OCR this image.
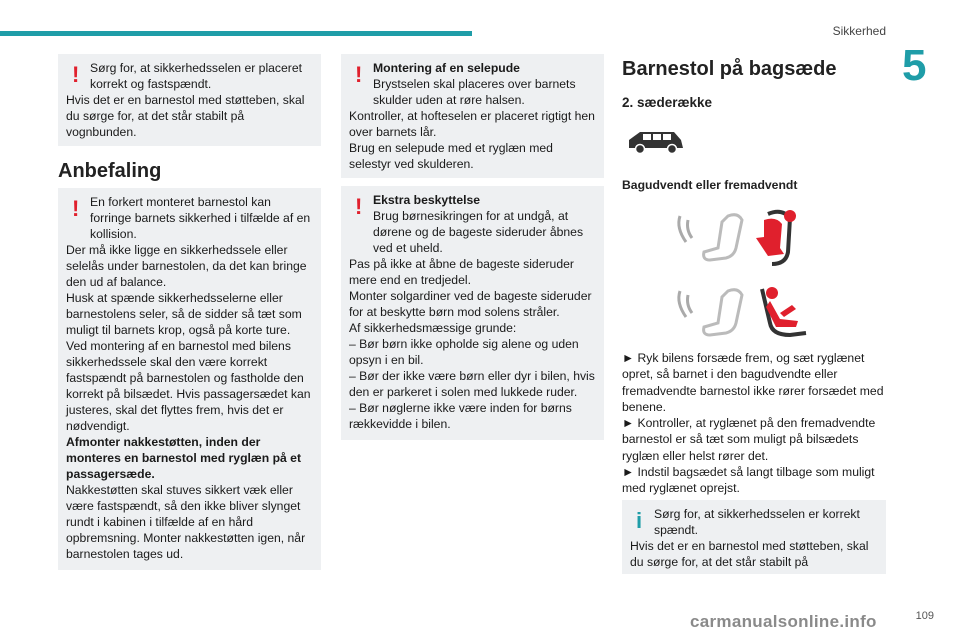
Sikkerhed
5
! Sørg for, at sikkerhedsselen er placeret korrekt og fastspændt.

Hvis det er en barnestol med støtteben, skal du sørge for, at det står stabilt på vognbunden.

Anbefaling
! En forkert monteret barnestol kan forringe barnets sikkerhed i tilfælde af en kollision.

Der må ikke ligge en sikkerhedssele eller selelås under barnestolen, da det kan bringe den ud af balance.

Husk at spænde sikkerhedsselerne eller barnestolens seler, så de sidder så tæt som muligt til barnets krop, også på korte ture.

Ved montering af en barnestol med bilens sikkerhedssele skal den være korrekt fastspændt på barnestolen og fastholde den korrekt på bilsædet. Hvis passagersædet kan justeres, skal det flyttes frem, hvis det er nødvendigt.

Afmonter nakkestøtten, inden der monteres en barnestol med ryglæn på et passagersæde.

Nakkestøtten skal stuves sikkert væk eller være fastspændt, så den ikke bliver slynget rundt i kabinen i tilfælde af en hård opbremsning. Monter nakkestøtten igen, når barnestolen tages ud.

! Montering af en selepude

Brystselen skal placeres over barnets skulder uden at røre halsen.

Kontroller, at hofteselen er placeret rigtigt hen over barnets lår.

Brug en selepude med et ryglæn med selestyr ved skulderen.

! Ekstra beskyttelse

Brug børnesikringen for at undgå, at dørene og de bageste sideruder åbnes ved et uheld.

Pas på ikke at åbne de bageste sideruder mere end en tredjedel.

Monter solgardiner ved de bageste sideruder for at beskytte børn mod solens stråler.

Af sikkerhedsmæssige grunde:

– Bør børn ikke opholde sig alene og uden opsyn i en bil.

– Bør der ikke være børn eller dyr i bilen, hvis den er parkeret i solen med lukkede ruder.

– Bør nøglerne ikke være inden for børns rækkevidde i bilen.

Barnestol på bagsæde
2. sæderække
Bagudvendt eller fremadvendt

► Ryk bilens forsæde frem, og sæt ryglænet opret, så barnet i den bagudvendte eller fremadvendte barnestol ikke rører forsædet med benene.

► Kontroller, at ryglænet på den fremadvendte barnestol er så tæt som muligt på bilsædets ryglæn eller helst rører det.

► Indstil bagsædet så langt tilbage som muligt med ryglænet oprejst.

i Sørg for, at sikkerhedsselen er korrekt spændt.

Hvis det er en barnestol med støtteben, skal du sørge for, at det står stabilt på

109
carmanualsonline.info
